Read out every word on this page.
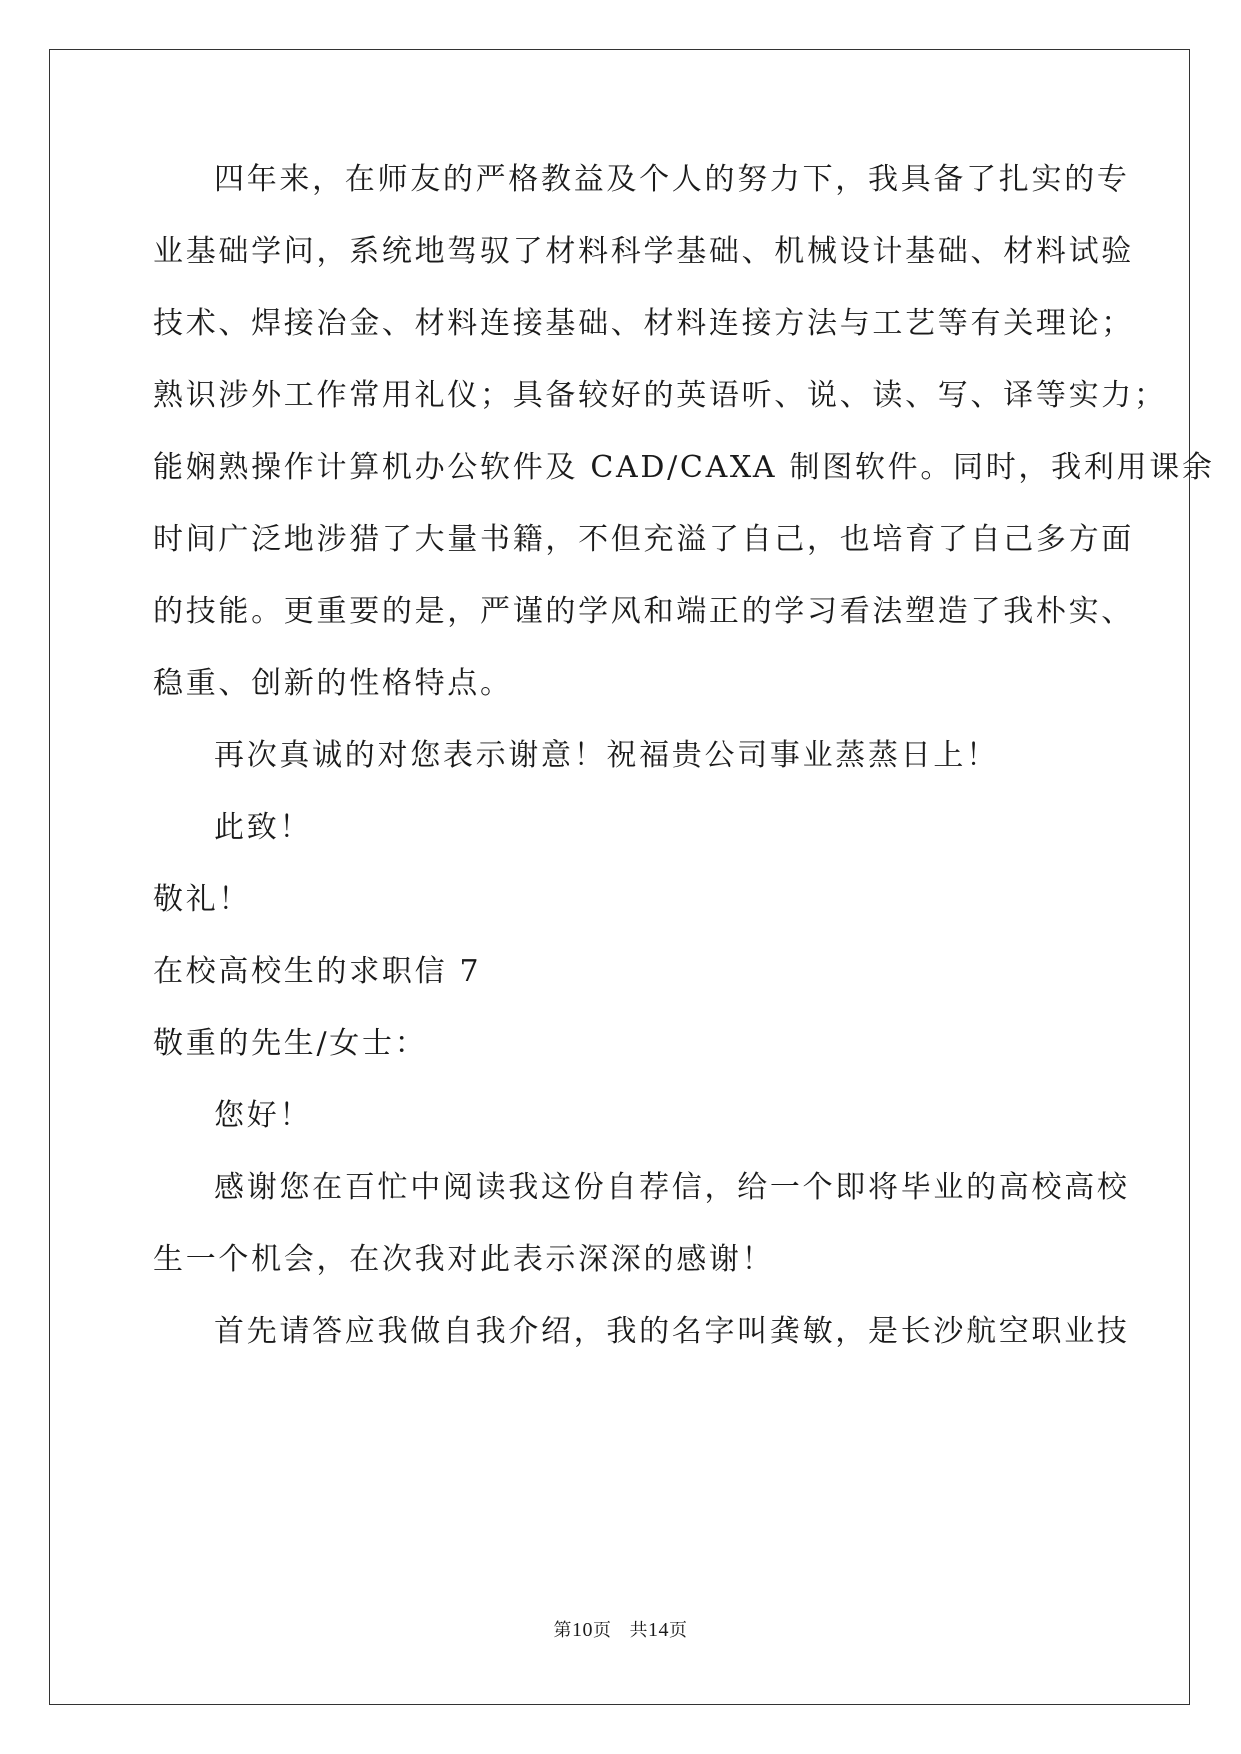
四年来，在师友的严格教益及个人的努力下，我具备了扎实的专
业基础学问，系统地驾驭了材料科学基础、机械设计基础、材料试验
技术、焊接冶金、材料连接基础、材料连接方法与工艺等有关理论；
熟识涉外工作常用礼仪；具备较好的英语听、说、读、写、译等实力；
能娴熟操作计算机办公软件及 CAD/CAXA 制图软件。同时，我利用课余
时间广泛地涉猎了大量书籍，不但充溢了自己，也培育了自己多方面
的技能。更重要的是，严谨的学风和端正的学习看法塑造了我朴实、
稳重、创新的性格特点。
再次真诚的对您表示谢意！祝福贵公司事业蒸蒸日上！
此致！
敬礼！
在校高校生的求职信 7
敬重的先生/女士：
您好！
感谢您在百忙中阅读我这份自荐信，给一个即将毕业的高校高校
生一个机会，在次我对此表示深深的感谢！
首先请答应我做自我介绍，我的名字叫龚敏，是长沙航空职业技
第10页 共14页
